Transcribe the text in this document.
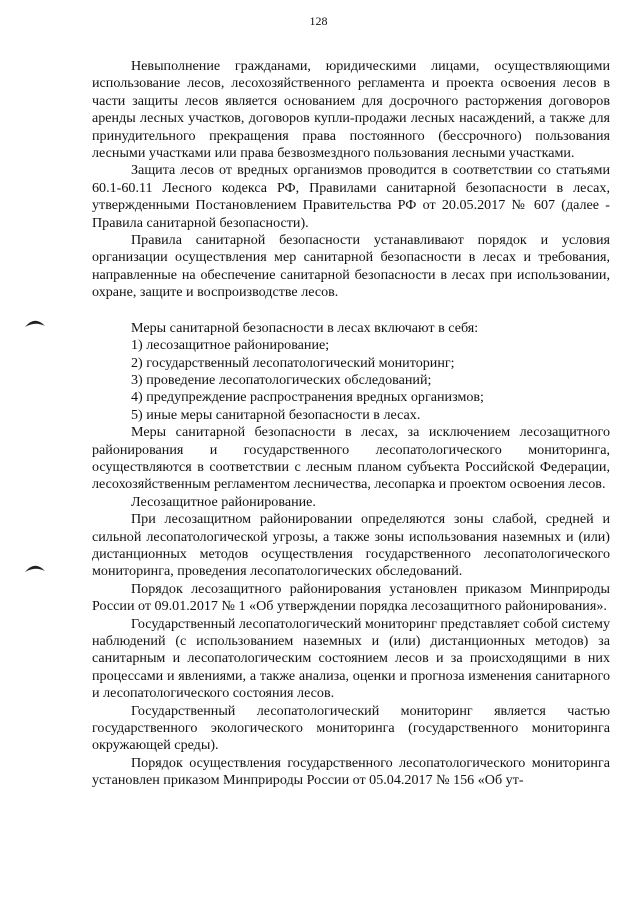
128

Невыполнение гражданами, юридическими лицами, осуществляющими использование лесов, лесохозяйственного регламента и проекта освоения лесов в части защиты лесов является основанием для досрочного расторжения договоров аренды лесных участков, договоров купли-продажи лесных насаждений, а также для принудительного прекращения права постоянного (бессрочного) пользования лесными участками или права безвозмездного пользования лесными участками.

Защита лесов от вредных организмов проводится в соответствии со статьями 60.1-60.11 Лесного кодекса РФ, Правилами санитарной безопасности в лесах, утвержденными Постановлением Правительства РФ от 20.05.2017 № 607 (далее - Правила санитарной безопасности).

Правила санитарной безопасности устанавливают порядок и условия организации осуществления мер санитарной безопасности в лесах и требования, направленные на обеспечение санитарной безопасности в лесах при использовании, охране, защите и воспроизводстве лесов.

Меры санитарной безопасности в лесах включают в себя:

1) лесозащитное районирование;

2) государственный лесопатологический мониторинг;

3) проведение лесопатологических обследований;

4) предупреждение распространения вредных организмов;

5) иные меры санитарной безопасности в лесах.

Меры санитарной безопасности в лесах, за исключением лесозащитного районирования и государственного лесопатологического мониторинга, осуществляются в соответствии с лесным планом субъекта Российской Федерации, лесохозяйственным регламентом лесничества, лесопарка и проектом освоения лесов.

Лесозащитное районирование.

При лесозащитном районировании определяются зоны слабой, средней и сильной лесопатологической угрозы, а также зоны использования наземных и (или) дистанционных методов осуществления государственного лесопатологического мониторинга, проведения лесопатологических обследований.

Порядок лесозащитного районирования установлен приказом Минприроды России от 09.01.2017 № 1 «Об утверждении порядка лесозащитного районирования».

Государственный лесопатологический мониторинг представляет собой систему наблюдений (с использованием наземных и (или) дистанционных методов) за санитарным и лесопатологическим состоянием лесов и за происходящими в них процессами и явлениями, а также анализа, оценки и прогноза изменения санитарного и лесопатологического состояния лесов.

Государственный лесопатологический мониторинг является частью государственного экологического мониторинга (государственного мониторинга окружающей среды).

Порядок осуществления государственного лесопатологического мониторинга установлен приказом Минприроды России от 05.04.2017 № 156 «Об ут-
